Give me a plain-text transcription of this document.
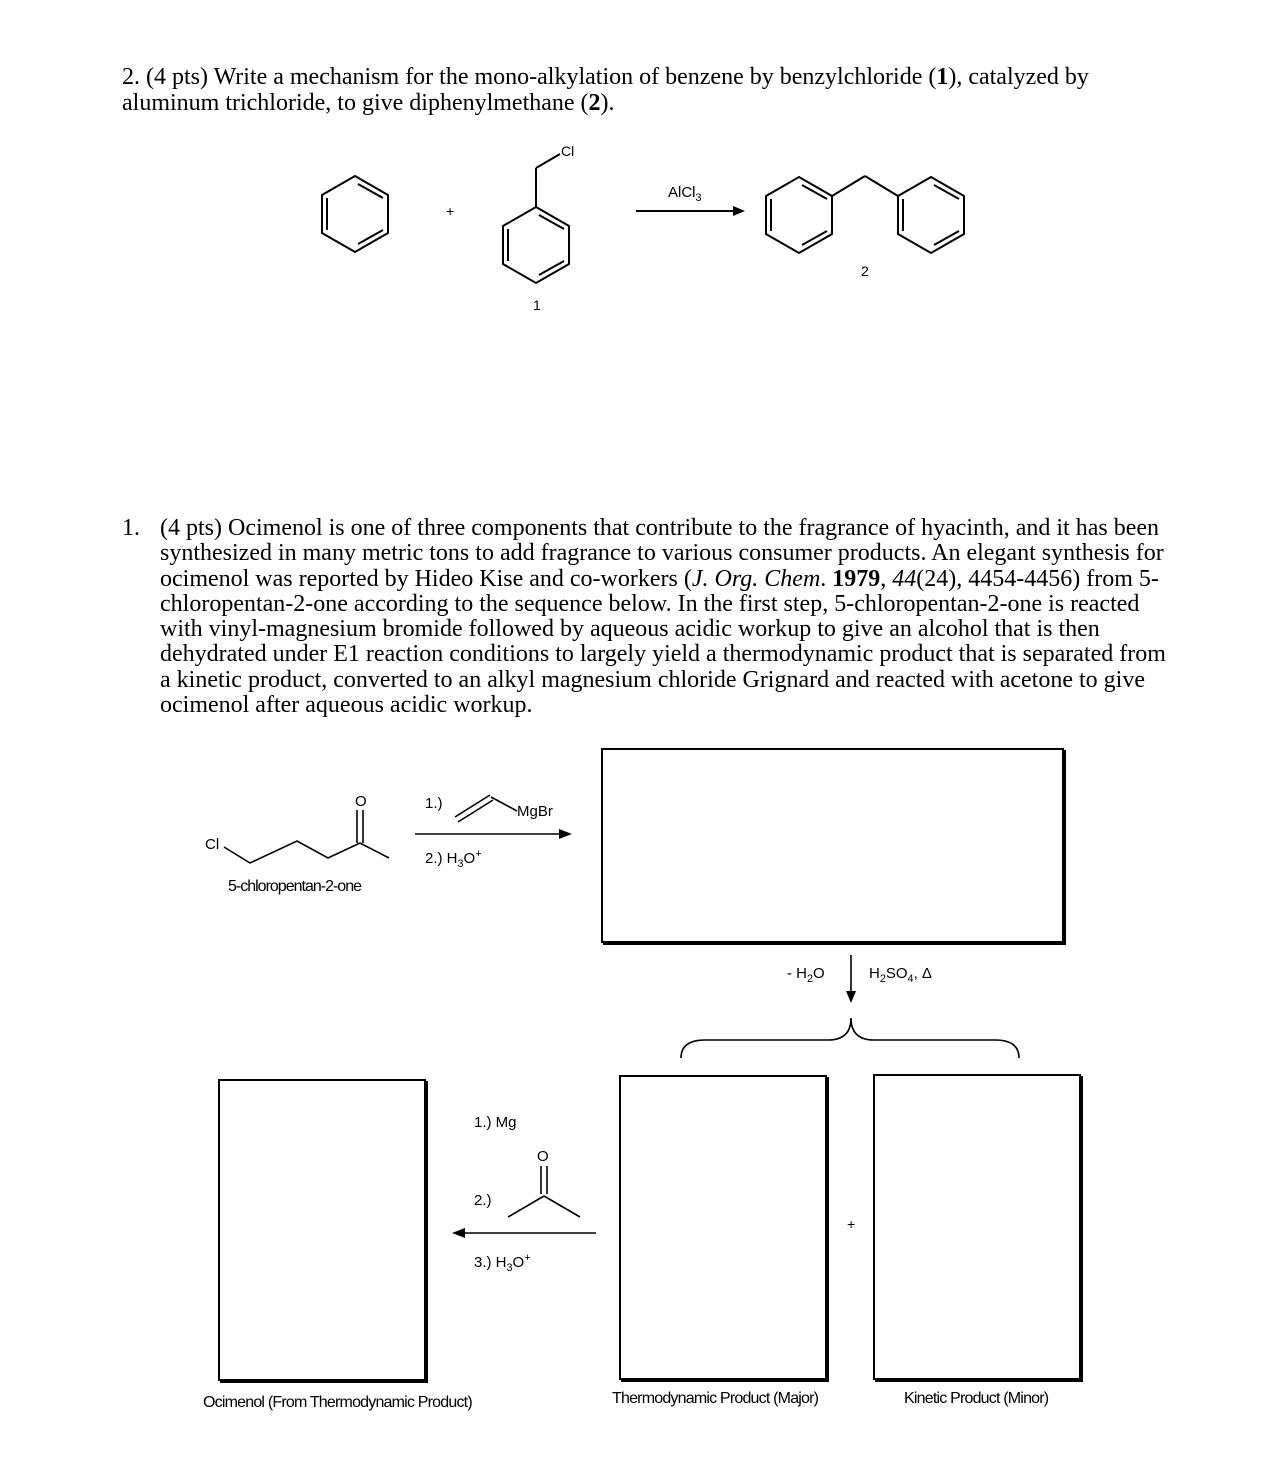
2. (4 pts) Write a mechanism for the mono-alkylation of benzene by benzylchloride (1), catalyzed by aluminum trichloride, to give diphenylmethane (2).
+
Cl
AlCl$_3$
1
2
1. (4 pts) Ocimenol is one of three components that contribute to the fragrance of hyacinth, and it has been synthesized in many metric tons to add fragrance to various consumer products. An elegant synthesis for ocimenol was reported by Hideo Kise and co-workers (J. Org. Chem. 1979, 44(24), 4454-4456) from 5-chloropentan-2-one according to the sequence below. In the first step, 5-chloropentan-2-one is reacted with vinyl-magnesium bromide followed by aqueous acidic workup to give an alcohol that is then dehydrated under E1 reaction conditions to largely yield a thermodynamic product that is separated from a kinetic product, converted to an alkyl magnesium chloride Grignard and reacted with acetone to give ocimenol after aqueous acidic workup.
Cl
O
5-chloropentan-2-one
1.)	MgBr
2.) $H_3O^+$
- $H_2O$	$H_2SO_4$, Δ
1.) Mg
O
2.)
3.) $H_3O^+$
+
Ocimenol (From Thermodynamic Product)	Thermodynamic Product (Major)	Kinetic Product (Minor)
